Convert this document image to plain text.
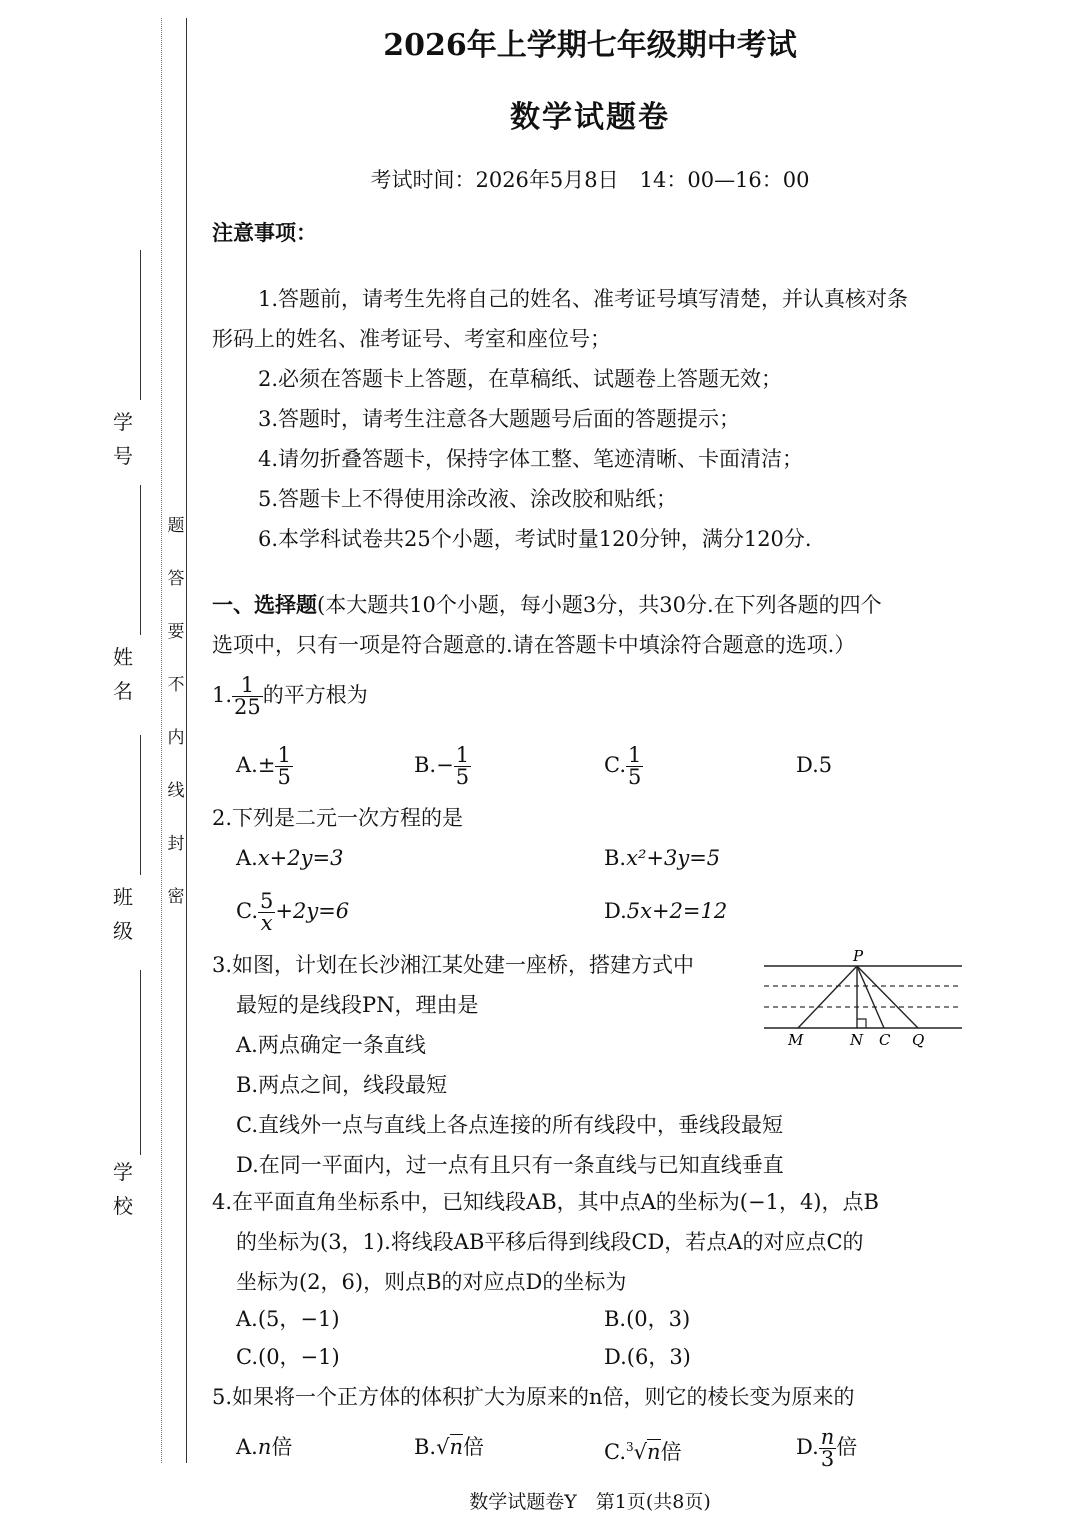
学号
姓名
班级
学校
题
答
要
不
内
线
封
密
2026年上学期七年级期中考试
数学试题卷
考试时间：2026年5月8日　14：00—16：00
注意事项：
1.答题前，请考生先将自己的姓名、准考证号填写清楚，并认真核对条
形码上的姓名、准考证号、考室和座位号；
2.必须在答题卡上答题，在草稿纸、试题卷上答题无效；
3.答题时，请考生注意各大题题号后面的答题提示；
4.请勿折叠答题卡，保持字体工整、笔迹清晰、卡面清洁；
5.答题卡上不得使用涂改液、涂改胶和贴纸；
6.本学科试卷共25个小题，考试时量120分钟，满分120分.
一、选择题(本大题共10个小题，每小题3分，共30分.在下列各题的四个
选项中，只有一项是符合题意的.请在答题卡中填涂符合题意的选项.）
1. $\frac{1}{25}$ 的平方根为
$A.\pm \frac{1}{5}$	$B.- \frac{1}{5}$	C. $\frac{1}{5}$	D.5
2.下列是二元一次方程的是
A.x+2y=3	B.x²+3y=5
C. $\frac{5}{x} +2y=6$	D.5x+2=12
3.如图，计划在长沙湘江某处建一座桥，搭建方式中
最短的是线段PN，理由是
A.两点确定一条直线
B.两点之间，线段最短
C.直线外一点与直线上各点连接的所有线段中，垂线段最短
D.在同一平面内，过一点有且只有一条直线与已知直线垂直
4.在平面直角坐标系中，已知线段AB，其中点A的坐标为(−1，4)，点B
的坐标为(3，1).将线段AB平移后得到线段CD，若点A的对应点C的
坐标为(2，6)，则点B的对应点D的坐标为
A.(5，−1)	B.(0，3)
C.(0，−1)	D.(6，3)
5.如果将一个正方体的体积扩大为原来的n倍，则它的棱长变为原来的
A.n倍	B.√n倍	C.$^3$√n倍	D. $\frac{n}{3}$ 倍
P
M	N C Q
数学试题卷Y　第1页(共8页)
